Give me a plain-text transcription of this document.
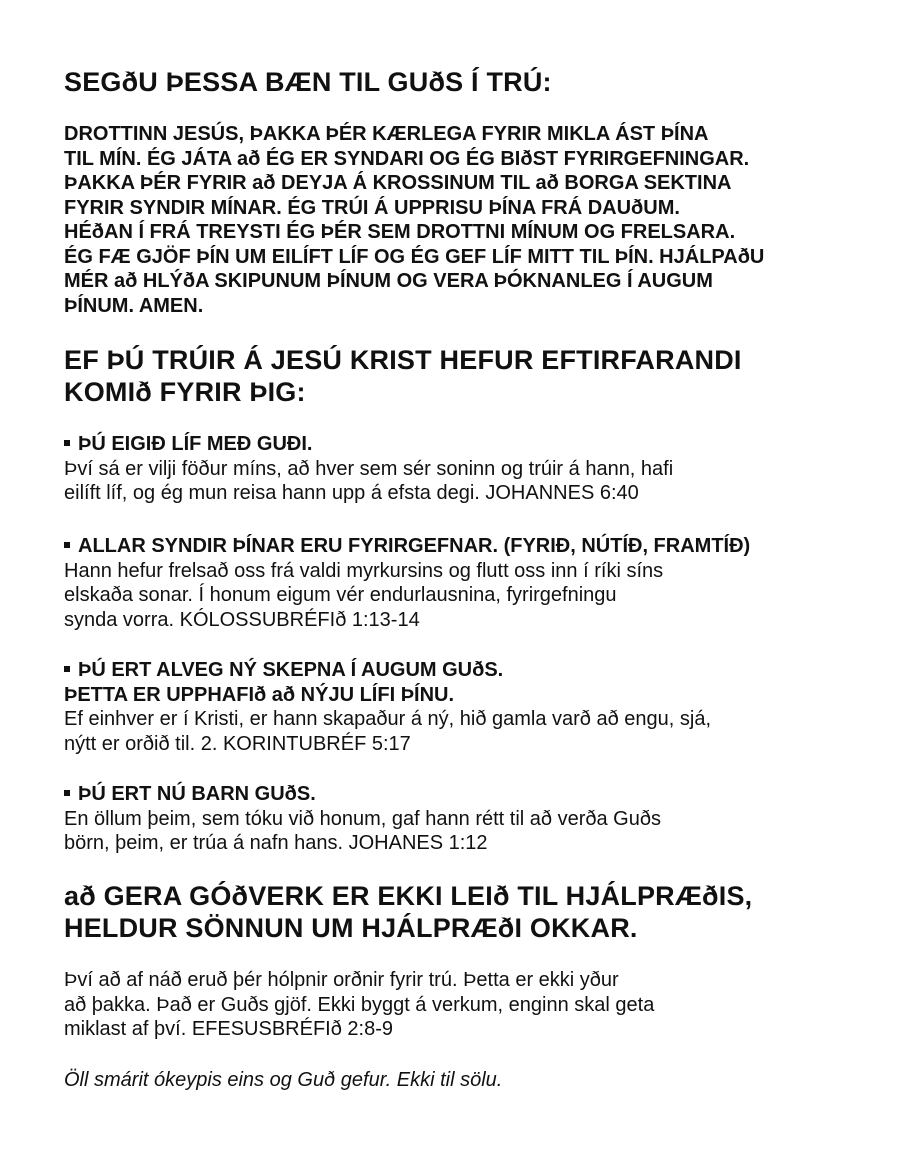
SEGðU ÞESSA BÆN TIL GUðS Í TRÚ:
DROTTINN JESÚS, ÞAKKA ÞÉR KÆRLEGA FYRIR MIKLA ÁST ÞÍNA
TIL MÍN. ÉG JÁTA að ÉG ER SYNDARI OG ÉG BIðST FYRIRGEFNINGAR.
ÞAKKA ÞÉR FYRIR að DEYJA Á KROSSINUM TIL að BORGA SEKTINA
FYRIR SYNDIR MÍNAR. ÉG TRÚI Á UPPRISU ÞÍNA FRÁ DAUðUM.
HÉðAN Í FRÁ TREYSTI ÉG ÞÉR SEM DROTTNI MÍNUM OG FRELSARA.
ÉG FÆ GJÖF ÞÍN UM EILÍFT LÍF OG ÉG GEF LÍF MITT TIL ÞÍN. HJÁLPAðU
MÉR að HLÝðA SKIPUNUM ÞÍNUM OG VERA ÞÓKNANLEG Í AUGUM
ÞÍNUM. AMEN.
EF ÞÚ TRÚIR Á JESÚ KRIST HEFUR EFTIRFARANDI
KOMIð FYRIR ÞIG:
ÞÚ EIGIÐ LÍF MEÐ GUÐI.
Því sá er vilji föður míns, að hver sem sér soninn og trúir á hann, hafi
eilíft líf, og ég mun reisa hann upp á efsta degi. JOHANNES 6:40
ALLAR SYNDIR ÞÍNAR ERU FYRIRGEFNAR. (FYRIÐ, NÚTÍÐ, FRAMTÍÐ)
Hann hefur frelsað oss frá valdi myrkursins og flutt oss inn í ríki síns
elskaða sonar. Í honum eigum vér endurlausnina, fyrirgefningu
synda vorra. KÓLOSSUBRÉFIð 1:13-14
ÞÚ ERT ALVEG NÝ SKEPNA Í AUGUM GUðS.
ÞETTA ER UPPHAFIð að NÝJU LÍFI ÞÍNU.
Ef einhver er í Kristi, er hann skapaður á ný, hið gamla varð að engu, sjá,
nýtt er orðið til. 2. KORINTUBRÉF 5:17
ÞÚ ERT NÚ BARN GUðS.
En öllum þeim, sem tóku við honum, gaf hann rétt til að verða Guðs
börn, þeim, er trúa á nafn hans. JOHANES 1:12
að GERA GÓðVERK ER EKKI LEIð TIL HJÁLPRÆðIS,
HELDUR SÖNNUN UM HJÁLPRÆðI OKKAR.
Því að af náð eruð þér hólpnir orðnir fyrir trú. Þetta er ekki yður
að þakka. Það er Guðs gjöf. Ekki byggt á verkum, enginn skal geta
miklast af því. EFESUSBRÉFIð 2:8-9
Öll smárit ókeypis eins og Guð gefur. Ekki til sölu.
